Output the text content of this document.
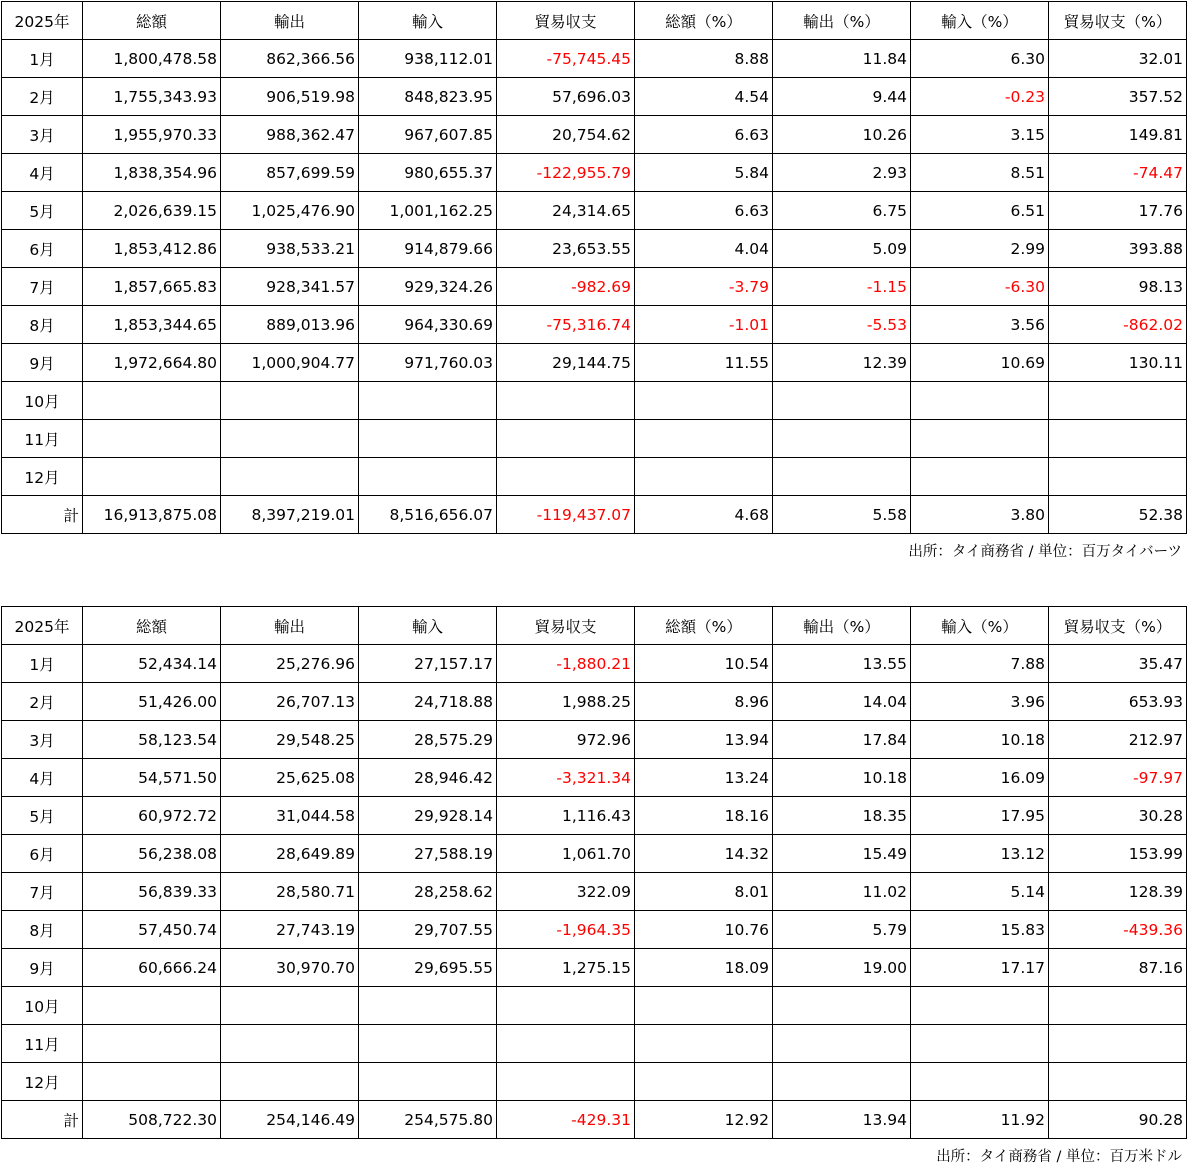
2025年	総額	輸出	輸入	貿易収支	総額（%）	輸出（%）	輸入（%）	貿易収支（%）
1月	1,800,478.58	862,366.56	938,112.01	-75,745.45	8.88	11.84	6.30	32.01
2月	1,755,343.93	906,519.98	848,823.95	57,696.03	4.54	9.44	-0.23	357.52
3月	1,955,970.33	988,362.47	967,607.85	20,754.62	6.63	10.26	3.15	149.81
4月	1,838,354.96	857,699.59	980,655.37	-122,955.79	5.84	2.93	8.51	-74.47
5月	2,026,639.15	1,025,476.90	1,001,162.25	24,314.65	6.63	6.75	6.51	17.76
6月	1,853,412.86	938,533.21	914,879.66	23,653.55	4.04	5.09	2.99	393.88
7月	1,857,665.83	928,341.57	929,324.26	-982.69	-3.79	-1.15	-6.30	98.13
8月	1,853,344.65	889,013.96	964,330.69	-75,316.74	-1.01	-5.53	3.56	-862.02
9月	1,972,664.80	1,000,904.77	971,760.03	29,144.75	11.55	12.39	10.69	130.11
10月								
11月								
12月								
計	16,913,875.08	8,397,219.01	8,516,656.07	-119,437.07	4.68	5.58	3.80	52.38
出所：タイ商務省 / 単位：百万タイバーツ
2025年	総額	輸出	輸入	貿易収支	総額（%）	輸出（%）	輸入（%）	貿易収支（%）
1月	52,434.14	25,276.96	27,157.17	-1,880.21	10.54	13.55	7.88	35.47
2月	51,426.00	26,707.13	24,718.88	1,988.25	8.96	14.04	3.96	653.93
3月	58,123.54	29,548.25	28,575.29	972.96	13.94	17.84	10.18	212.97
4月	54,571.50	25,625.08	28,946.42	-3,321.34	13.24	10.18	16.09	-97.97
5月	60,972.72	31,044.58	29,928.14	1,116.43	18.16	18.35	17.95	30.28
6月	56,238.08	28,649.89	27,588.19	1,061.70	14.32	15.49	13.12	153.99
7月	56,839.33	28,580.71	28,258.62	322.09	8.01	11.02	5.14	128.39
8月	57,450.74	27,743.19	29,707.55	-1,964.35	10.76	5.79	15.83	-439.36
9月	60,666.24	30,970.70	29,695.55	1,275.15	18.09	19.00	17.17	87.16
10月								
11月								
12月								
計	508,722.30	254,146.49	254,575.80	-429.31	12.92	13.94	11.92	90.28
出所：タイ商務省 / 単位：百万米ドル
